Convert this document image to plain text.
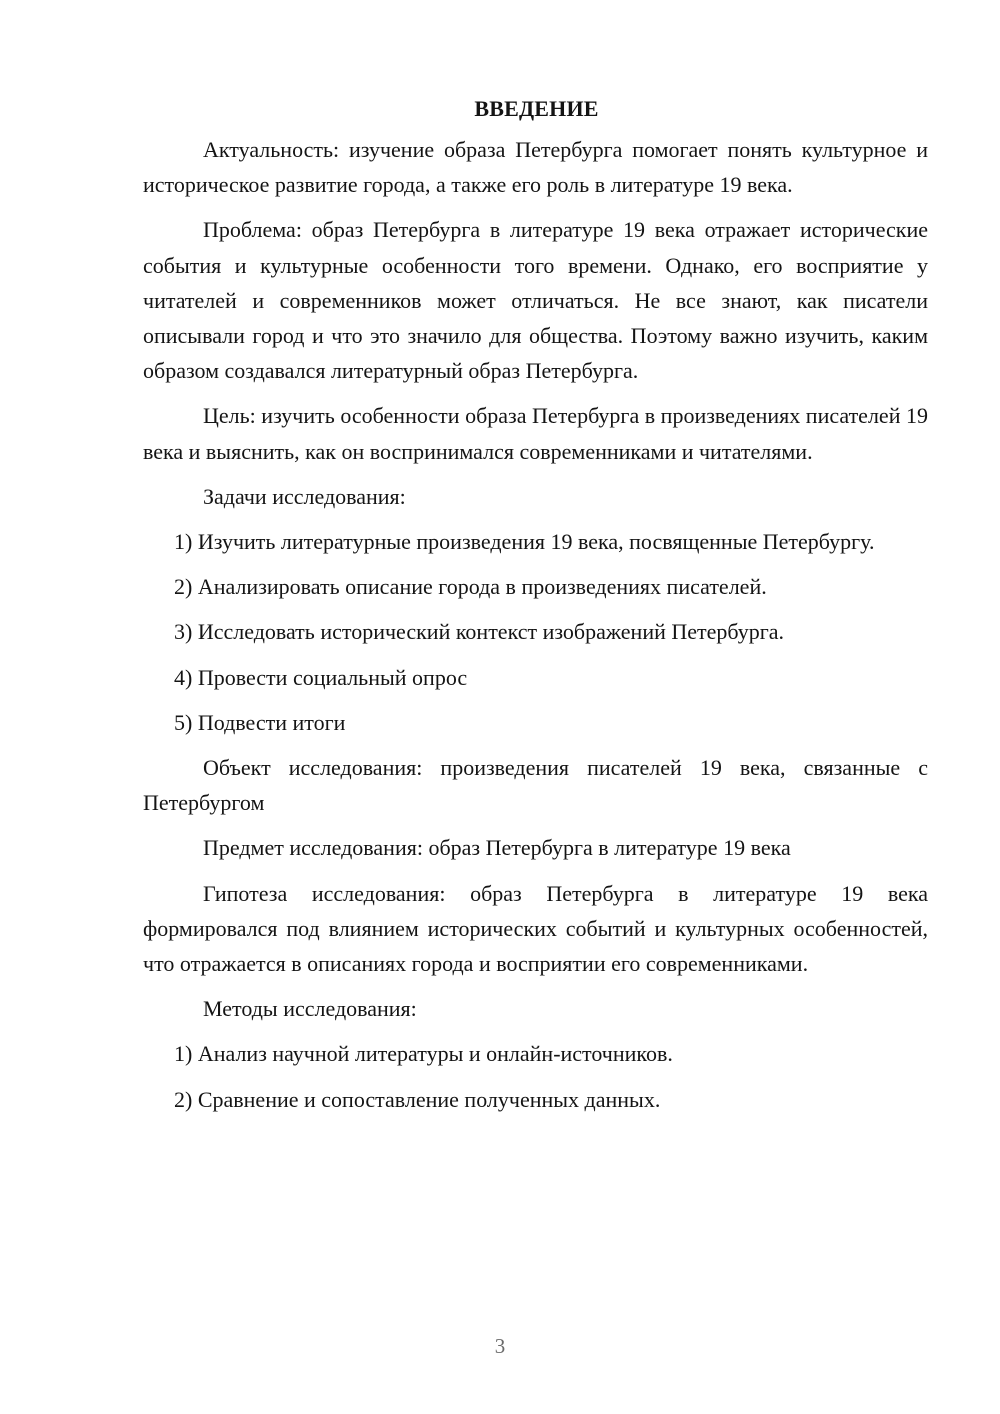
ВВЕДЕНИЕ

Актуальность: изучение образа Петербурга помогает понять культурное и историческое развитие города, а также его роль в литературе 19 века.

Проблема: образ Петербурга в литературе 19 века отражает исторические события и культурные особенности того времени. Однако, его восприятие у читателей и современников может отличаться. Не все знают, как писатели описывали город и что это значило для общества. Поэтому важно изучить, каким образом создавался литературный образ Петербурга.

Цель: изучить особенности образа Петербурга в произведениях писателей 19 века и выяснить, как он воспринимался современниками и читателями.

Задачи исследования:

1) Изучить литературные произведения 19 века, посвященные Петербургу.

2) Анализировать описание города в произведениях писателей.

3) Исследовать исторический контекст изображений Петербурга.

4) Провести социальный опрос

5) Подвести итоги

Объект исследования: произведения писателей 19 века, связанные с Петербургом

Предмет исследования: образ Петербурга в литературе 19 века

Гипотеза исследования: образ Петербурга в литературе 19 века формировался под влиянием исторических событий и культурных особенностей, что отражается в описаниях города и восприятии его современниками.

Методы исследования:

1) Анализ научной литературы и онлайн-источников.

2) Сравнение и сопоставление полученных данных.

3
